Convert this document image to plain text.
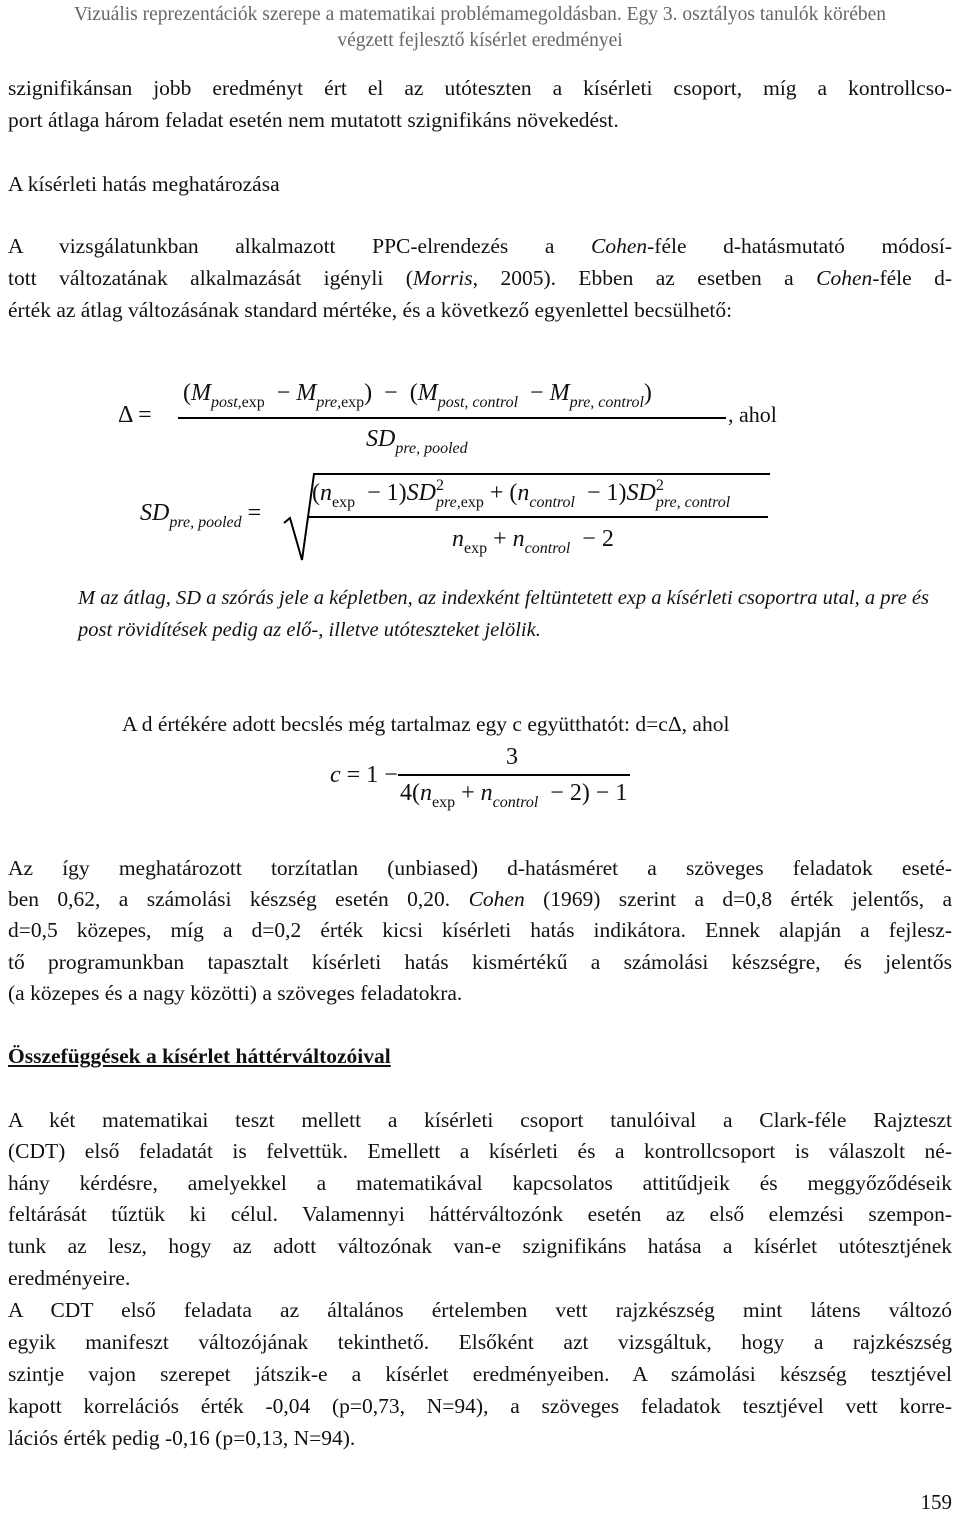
Vizuális reprezentációk szerepe a matematikai problémamegoldásban. Egy 3. osztályos tanulók körében
végzett fejlesztő kísérlet eredményei
szignifikánsan jobb eredményt ért el az utóteszten a kísérleti csoport, míg a kontrollcso-
port átlaga három feladat esetén nem mutatott szignifikáns növekedést.
A kísérleti hatás meghatározása
A vizsgálatunkban alkalmazott PPC-elrendezés a Cohen-féle d-hatásmutató módosí-
tott változatának alkalmazását igényli (Morris, 2005). Ebben az esetben a Cohen-féle d-
érték az átlag változásának standard mértéke, és a következő egyenlettel becsülhető:
Δ =
$(M_{post,exp} - M_{pre,exp}) - (M_{post, control} - M_{pre, control})$
$SD_{pre, pooled}$
, ahol
$SD_{pre, pooled}$ =
$(n_{exp} - 1)SD^2_{pre,exp} + (n_{control} - 1)SD^2_{pre, control}$
$n_{exp} + n_{control} - 2$

M az átlag, SD a szórás jele a képletben, az indexként feltüntetett exp a kísérleti csoportra utal, a pre és post rövidítések pedig az elő-, illetve utóteszteket jelölik.

A d értékére adott becslés még tartalmaz egy c együtthatót: d=cΔ, ahol
c = 1 −
3
$4(n_{exp} + n_{control} - 2) - 1$
Az így meghatározott torzítatlan (unbiased) d-hatásméret a szöveges feladatok eseté-
ben 0,62, a számolási készség esetén 0,20. Cohen (1969) szerint a d=0,8 érték jelentős, a
d=0,5 közepes, míg a d=0,2 érték kicsi kísérleti hatás indikátora. Ennek alapján a fejlesz-
tő programunkban tapasztalt kísérleti hatás kismértékű a számolási készségre, és jelentős
(a közepes és a nagy közötti) a szöveges feladatokra.
Összefüggések a kísérlet háttérváltozóival
A két matematikai teszt mellett a kísérleti csoport tanulóival a Clark-féle Rajzteszt
(CDT) első feladatát is felvettük. Emellett a kísérleti és a kontrollcsoport is válaszolt né-
hány kérdésre, amelyekkel a matematikával kapcsolatos attitűdjeik és meggyőződéseik
feltárását tűztük ki célul. Valamennyi háttérváltozónk esetén az első elemzési szempon-
tunk az lesz, hogy az adott változónak van-e szignifikáns hatása a kísérlet utótesztjének
eredményeire.
A CDT első feladata az általános értelemben vett rajzkészség mint látens változó
egyik manifeszt változójának tekinthető. Elsőként azt vizsgáltuk, hogy a rajzkészség
szintje vajon szerepet játszik-e a kísérlet eredményeiben. A számolási készség tesztjével
kapott korrelációs érték -0,04 (p=0,73, N=94), a szöveges feladatok tesztjével vett korre-
lációs érték pedig -0,16 (p=0,13, N=94).
159
